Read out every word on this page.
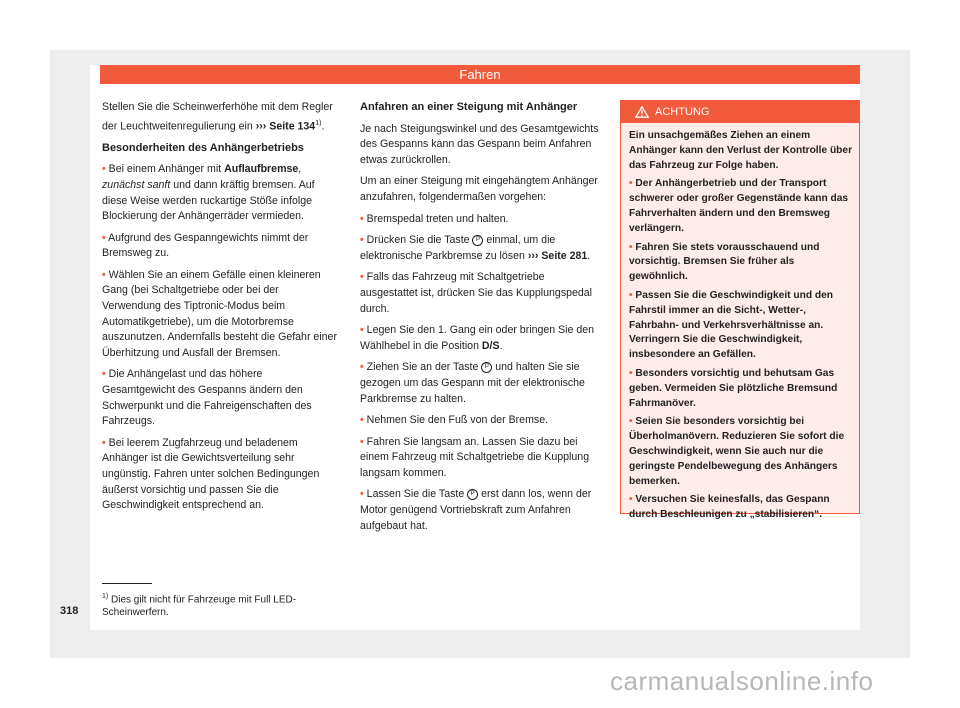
Fahren

Stellen Sie die Scheinwerferhöhe mit dem Regler der Leuchtweitenregulierung ein ››› Seite 134$^{1)}$.

Besonderheiten des Anhängerbetriebs

• Bei einem Anhänger mit Auflaufbremse, zunächst sanft und dann kräftig bremsen. Auf diese Weise werden ruckartige Stöße infolge Blockierung der Anhängerräder vermieden.

• Aufgrund des Gespanngewichts nimmt der Bremsweg zu.

• Wählen Sie an einem Gefälle einen kleineren Gang (bei Schaltgetriebe oder bei der Verwendung des Tiptronic-Modus beim Automatikgetriebe), um die Motorbremse auszunutzen. Andernfalls besteht die Gefahr einer Überhitzung und Ausfall der Bremsen.

• Die Anhängelast und das höhere Gesamtgewicht des Gespanns ändern den Schwerpunkt und die Fahreigenschaften des Fahrzeugs.

• Bei leerem Zugfahrzeug und beladenem Anhänger ist die Gewichtsverteilung sehr ungünstig. Fahren unter solchen Bedingungen äußerst vorsichtig und passen Sie die Geschwindigkeit entsprechend an.

Anfahren an einer Steigung mit Anhänger

Je nach Steigungswinkel und des Gesamtgewichts des Gespanns kann das Gespann beim Anfahren etwas zurückrollen.

Um an einer Steigung mit eingehängtem Anhänger anzufahren, folgendermaßen vorgehen:

• Bremspedal treten und halten.

• Drücken Sie die Taste P einmal, um die elektronische Parkbremse zu lösen ››› Seite 281.

• Falls das Fahrzeug mit Schaltgetriebe ausgestattet ist, drücken Sie das Kupplungspedal durch.

• Legen Sie den 1. Gang ein oder bringen Sie den Wählhebel in die Position D/S.

• Ziehen Sie an der Taste P und halten Sie sie gezogen um das Gespann mit der elektronische Parkbremse zu halten.

• Nehmen Sie den Fuß von der Bremse.

• Fahren Sie langsam an. Lassen Sie dazu bei einem Fahrzeug mit Schaltgetriebe die Kupplung langsam kommen.

• Lassen Sie die Taste P erst dann los, wenn der Motor genügend Vortriebskraft zum Anfahren aufgebaut hat.

ACHTUNG

Ein unsachgemäßes Ziehen an einem Anhänger kann den Verlust der Kontrolle über das Fahrzeug zur Folge haben.

• Der Anhängerbetrieb und der Transport schwerer oder großer Gegenstände kann das Fahrverhalten ändern und den Bremsweg verlängern.

• Fahren Sie stets vorausschauend und vorsichtig. Bremsen Sie früher als gewöhnlich.

• Passen Sie die Geschwindigkeit und den Fahrstil immer an die Sicht-, Wetter-, Fahrbahn- und Verkehrsverhältnisse an. Verringern Sie die Geschwindigkeit, insbesondere an Gefällen.

• Besonders vorsichtig und behutsam Gas geben. Vermeiden Sie plötzliche Bremsund Fahrmanöver.

• Seien Sie besonders vorsichtig bei Überholmanövern. Reduzieren Sie sofort die Geschwindigkeit, wenn Sie auch nur die geringste Pendelbewegung des Anhängers bemerken.

• Versuchen Sie keinesfalls, das Gespann durch Beschleunigen zu „stabilisieren“.

$^{1)}$ Dies gilt nicht für Fahrzeuge mit Full LED-Scheinwerfern.
318
carmanualsonline.info
